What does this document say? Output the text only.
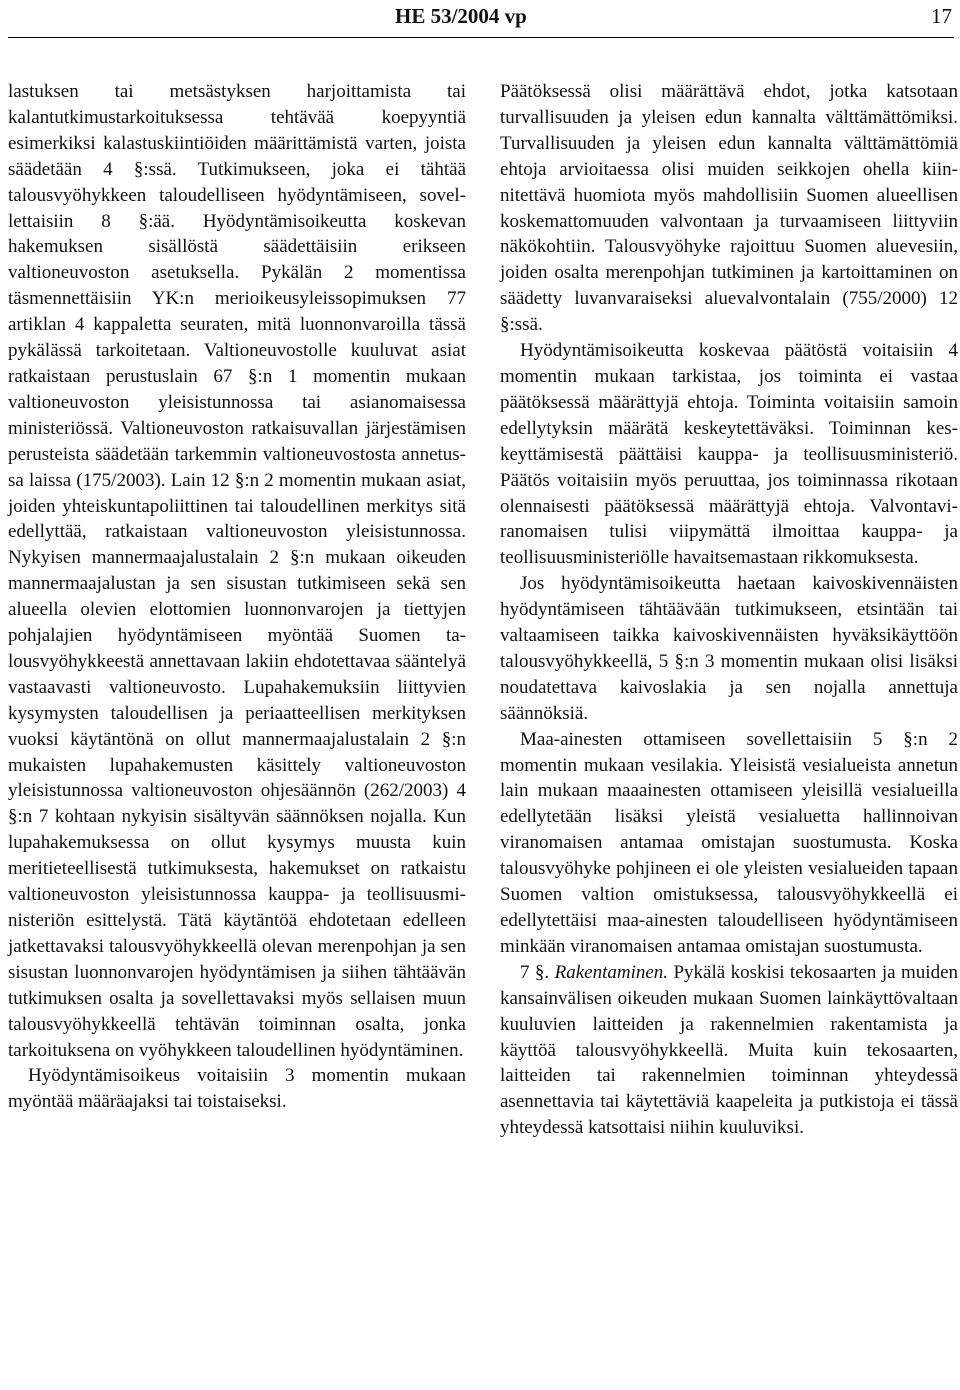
HE 53/2004 vp	17

lastuksen tai metsästyksen harjoittamista tai kalantutkimustarkoituksessa tehtävää koepyyntiä esimerkiksi kalastuskiintiöiden määrittämistä varten, joista säädetään 4 §:ssä. Tutkimukseen, joka ei tähtää talousvyöhykkeen taloudelliseen hyödyntämiseen, sovellettaisiin 8 §:ää. Hyödyntämisoikeutta koskevan hakemuksen sisällöstä säädettäisiin erikseen valtioneuvoston asetuksella. Pykälän 2 momentissa täsmennettäisiin YK:n merioikeusyleissopimuksen 77 artiklan 4 kappaletta seuraten, mitä luonnonvaroilla tässä pykälässä tarkoitetaan. Valtioneuvostolle kuuluvat asiat ratkaistaan perustuslain 67 §:n 1 momentin mukaan valtioneuvoston yleisistunnossa tai asianomaisessa ministeriössä. Valtioneuvoston ratkaisuvallan järjestämisen perusteista säädetään tarkemmin valtioneuvostosta annetussa laissa (175/2003). Lain 12 §:n 2 momentin mukaan asiat, joiden yhteiskuntapoliittinen tai taloudellinen merkitys sitä edellyttää, ratkaistaan valtioneuvoston yleisistunnossa. Nykyisen mannermaajalustalain 2 §:n mukaan oikeuden mannermaajalustan ja sen sisustan tutkimiseen sekä sen alueella olevien elottomien luonnonvarojen ja tiettyjen pohjalajien hyödyntämiseen myöntää Suomen talousvyöhykkeestä annettavaan lakiin ehdotettavaa sääntelyä vastaavasti valtioneuvosto. Lupahakemuksiin liittyvien kysymysten taloudellisen ja periaatteellisen merkityksen vuoksi käytäntönä on ollut mannermaajalustalain 2 §:n mukaisten lupahakemusten käsittely valtioneuvoston yleisistunnossa valtioneuvoston ohjesäännön (262/2003) 4 §:n 7 kohtaan nykyisin sisältyvän säännöksen nojalla. Kun lupahakemuksessa on ollut kysymys muusta kuin meritieteellisestä tutkimuksesta, hakemukset on ratkaistu valtioneuvoston yleisistunnossa kauppa- ja teollisuusministeriön esittelystä. Tätä käytäntöä ehdotetaan edelleen jatkettavaksi talousvyöhykkeellä olevan merenpohjan ja sen sisustan luonnonvarojen hyödyntämisen ja siihen tähtäävän tutkimuksen osalta ja sovellettavaksi myös sellaisen muun talousvyöhykkeellä tehtävän toiminnan osalta, jonka tarkoituksena on vyöhykkeen taloudellinen hyödyntäminen.

Hyödyntämisoikeus voitaisiin 3 momentin mukaan myöntää määräajaksi tai toistaiseksi.

Päätöksessä olisi määrättävä ehdot, jotka katsotaan turvallisuuden ja yleisen edun kannalta välttämättömiksi. Turvallisuuden ja yleisen edun kannalta välttämättömiä ehtoja arvioitaessa olisi muiden seikkojen ohella kiinnitettävä huomiota myös mahdollisiin Suomen alueellisen koskemattomuuden valvontaan ja turvaamiseen liittyviin näkökohtiin. Talousvyöhyke rajoittuu Suomen aluevesiin, joiden osalta merenpohjan tutkiminen ja kartoittaminen on säädetty luvanvaraiseksi aluevalvontalain (755/2000) 12 §:ssä.

Hyödyntämisoikeutta koskevaa päätöstä voitaisiin 4 momentin mukaan tarkistaa, jos toiminta ei vastaa päätöksessä määrättyjä ehtoja. Toiminta voitaisiin samoin edellytyksin määrätä keskeytettäväksi. Toiminnan keskeyttämisestä päättäisi kauppa- ja teollisuusministeriö. Päätös voitaisiin myös peruuttaa, jos toiminnassa rikotaan olennaisesti päätöksessä määrättyjä ehtoja. Valvontaviranomaisen tulisi viipymättä ilmoittaa kauppa- ja teollisuusministeriölle havaitsemastaan rikkomuksesta.

Jos hyödyntämisoikeutta haetaan kaivoskivennäisten hyödyntämiseen tähtäävään tutkimukseen, etsintään tai valtaamiseen taikka kaivoskivennäisten hyväksikäyttöön talousvyöhykkeellä, 5 §:n 3 momentin mukaan olisi lisäksi noudatettava kaivoslakia ja sen nojalla annettuja säännöksiä.

Maa-ainesten ottamiseen sovellettaisiin 5 §:n 2 momentin mukaan vesilakia. Yleisistä vesialueista annetun lain mukaan maaainesten ottamiseen yleisillä vesialueilla edellytetään lisäksi yleistä vesialuetta hallinnoivan viranomaisen antamaa omistajan suostumusta. Koska talousvyöhyke pohjineen ei ole yleisten vesialueiden tapaan Suomen valtion omistuksessa, talousvyöhykkeellä ei edellytettäisi maa-ainesten taloudelliseen hyödyntämiseen minkään viranomaisen antamaa omistajan suostumusta.

7 §. Rakentaminen. Pykälä koskisi tekosaarten ja muiden kansainvälisen oikeuden mukaan Suomen lainkäyttövaltaan kuuluvien laitteiden ja rakennelmien rakentamista ja käyttöä talousvyöhykkeellä. Muita kuin tekosaarten, laitteiden tai rakennelmien toiminnan yhteydessä asennettavia tai käytettäviä kaapeleita ja putkistoja ei tässä yhteydessä katsottaisi niihin kuuluviksi.
